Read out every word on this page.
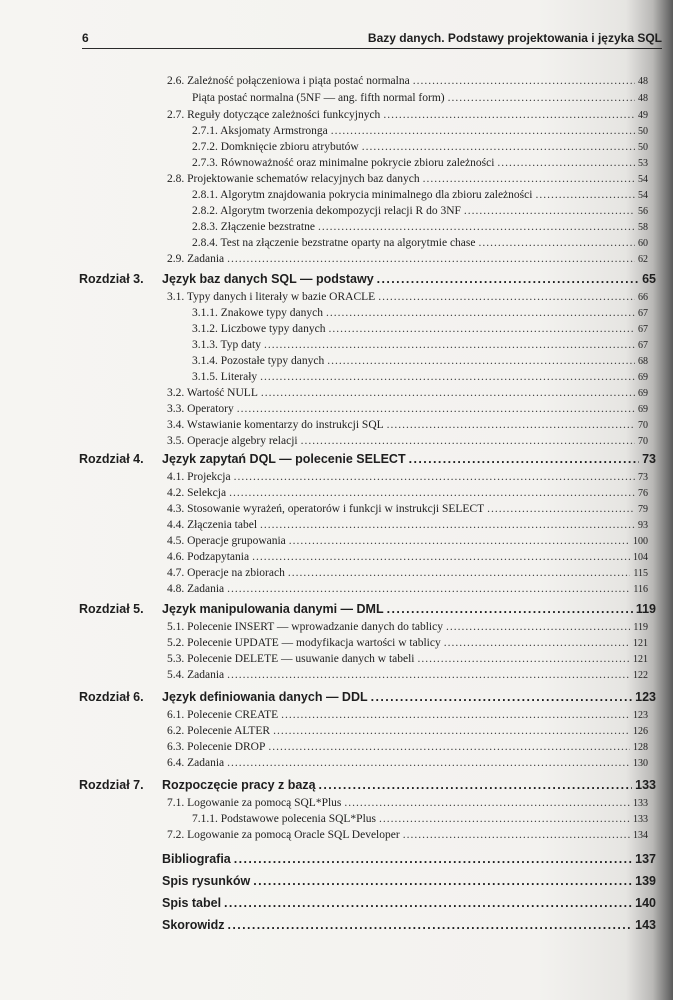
6	Bazy danych. Podstawy projektowania i języka SQL
2.6. Zależność połączeniowa i piąta postać normalna .....	48
Piąta postać normalna (5NF — ang. fifth normal form) .....	48
2.7. Reguły dotyczące zależności funkcyjnych .....	49
2.7.1. Aksjomaty Armstronga .....	50
2.7.2. Domknięcie zbioru atrybutów .....	50
2.7.3. Równoważność oraz minimalne pokrycie zbioru zależności .....	53
2.8. Projektowanie schematów relacyjnych baz danych .....	54
2.8.1. Algorytm znajdowania pokrycia minimalnego dla zbioru zależności .....	54
2.8.2. Algorytm tworzenia dekompozycji relacji R do 3NF .....	56
2.8.3. Złączenie bezstratne .....	58
2.8.4. Test na złączenie bezstratne oparty na algorytmie chase .....	60
2.9. Zadania .....	62
Rozdział 3. Język baz danych SQL — podstawy .....	65
3.1. Typy danych i literały w bazie ORACLE .....	66
3.1.1. Znakowe typy danych .....	67
3.1.2. Liczbowe typy danych .....	67
3.1.3. Typ daty .....	67
3.1.4. Pozostałe typy danych .....	68
3.1.5. Literały .....	69
3.2. Wartość NULL .....	69
3.3. Operatory .....	69
3.4. Wstawianie komentarzy do instrukcji SQL .....	70
3.5. Operacje algebry relacji .....	70
Rozdział 4. Język zapytań DQL — polecenie SELECT .....	73
4.1. Projekcja .....	73
4.2. Selekcja .....	76
4.3. Stosowanie wyrażeń, operatorów i funkcji w instrukcji SELECT .....	79
4.4. Złączenia tabel .....	93
4.5. Operacje grupowania .....	100
4.6. Podzapytania .....	104
4.7. Operacje na zbiorach .....	115
4.8. Zadania .....	116
Rozdział 5. Język manipulowania danymi — DML .....	119
5.1. Polecenie INSERT — wprowadzanie danych do tablicy .....	119
5.2. Polecenie UPDATE — modyfikacja wartości w tablicy .....	121
5.3. Polecenie DELETE — usuwanie danych w tabeli .....	121
5.4. Zadania .....	122
Rozdział 6. Język definiowania danych — DDL .....	123
6.1. Polecenie CREATE .....	123
6.2. Polecenie ALTER .....	126
6.3. Polecenie DROP .....	128
6.4. Zadania .....	130
Rozdział 7. Rozpoczęcie pracy z bazą .....	133
7.1. Logowanie za pomocą SQL*Plus .....	133
7.1.1. Podstawowe polecenia SQL*Plus .....	133
7.2. Logowanie za pomocą Oracle SQL Developer .....	134
Bibliografia .....	137
Spis rysunków .....	139
Spis tabel .....	140
Skorowidz .....	143
